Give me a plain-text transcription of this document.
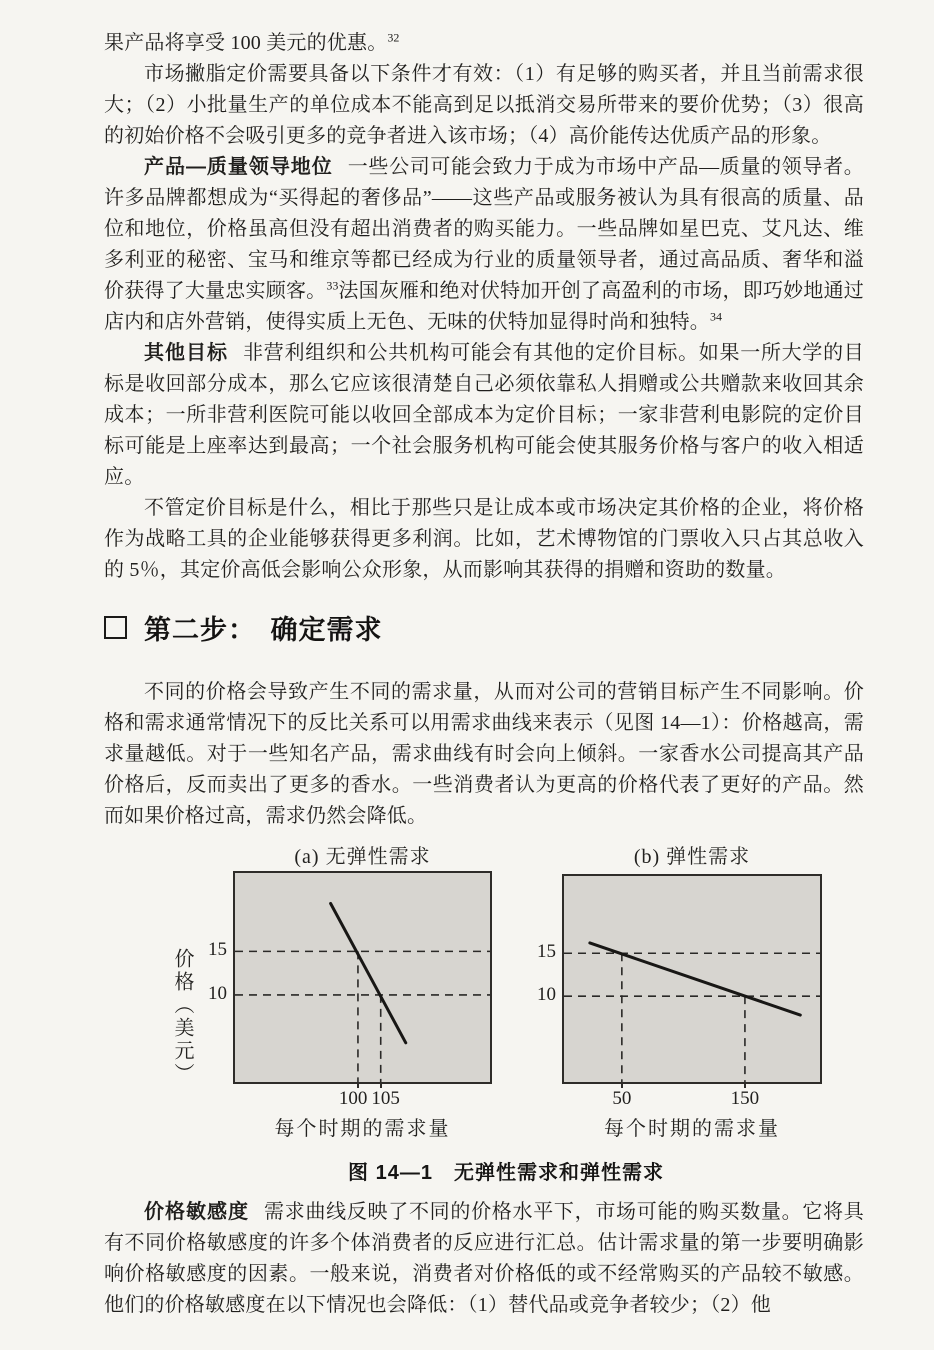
果产品将享受 100 美元的优惠。$^{32}$

市场撇脂定价需要具备以下条件才有效：（1）有足够的购买者，并且当前需求很大；（2）小批量生产的单位成本不能高到足以抵消交易所带来的要价优势；（3）很高的初始价格不会吸引更多的竞争者进入该市场；（4）高价能传达优质产品的形象。

产品—质量领导地位 一些公司可能会致力于成为市场中产品—质量的领导者。许多品牌都想成为“买得起的奢侈品”——这些产品或服务被认为具有很高的质量、品位和地位，价格虽高但没有超出消费者的购买能力。一些品牌如星巴克、艾凡达、维多利亚的秘密、宝马和维京等都已经成为行业的质量领导者，通过高品质、奢华和溢价获得了大量忠实顾客。$^{33}$法国灰雁和绝对伏特加开创了高盈利的市场，即巧妙地通过店内和店外营销，使得实质上无色、无味的伏特加显得时尚和独特。$^{34}$

其他目标 非营利组织和公共机构可能会有其他的定价目标。如果一所大学的目标是收回部分成本，那么它应该很清楚自己必须依靠私人捐赠或公共赠款来收回其余成本；一所非营利医院可能以收回全部成本为定价目标；一家非营利电影院的定价目标可能是上座率达到最高；一个社会服务机构可能会使其服务价格与客户的收入相适应。

不管定价目标是什么，相比于那些只是让成本或市场决定其价格的企业，将价格作为战略工具的企业能够获得更多利润。比如，艺术博物馆的门票收入只占其总收入的 5％，其定价高低会影响公众形象，从而影响其获得的捐赠和资助的数量。

第二步：　确定需求

不同的价格会导致产生不同的需求量，从而对公司的营销目标产生不同影响。价格和需求通常情况下的反比关系可以用需求曲线来表示（见图 14—1）：价格越高，需求量越低。对于一些知名产品，需求曲线有时会向上倾斜。一家香水公司提高其产品价格后，反而卖出了更多的香水。一些消费者认为更高的价格代表了更好的产品。然而如果价格过高，需求仍然会降低。

(a) 无弹性需求
价格（美元） 15
10
100 105
每个时期的需求量
(b) 弹性需求
15
10
50	150
每个时期的需求量
图 14—1　无弹性需求和弹性需求

价格敏感度 需求曲线反映了不同的价格水平下，市场可能的购买数量。它将具有不同价格敏感度的许多个体消费者的反应进行汇总。估计需求量的第一步要明确影响价格敏感度的因素。一般来说，消费者对价格低的或不经常购买的产品较不敏感。他们的价格敏感度在以下情况也会降低：（1）替代品或竞争者较少；（2）他
